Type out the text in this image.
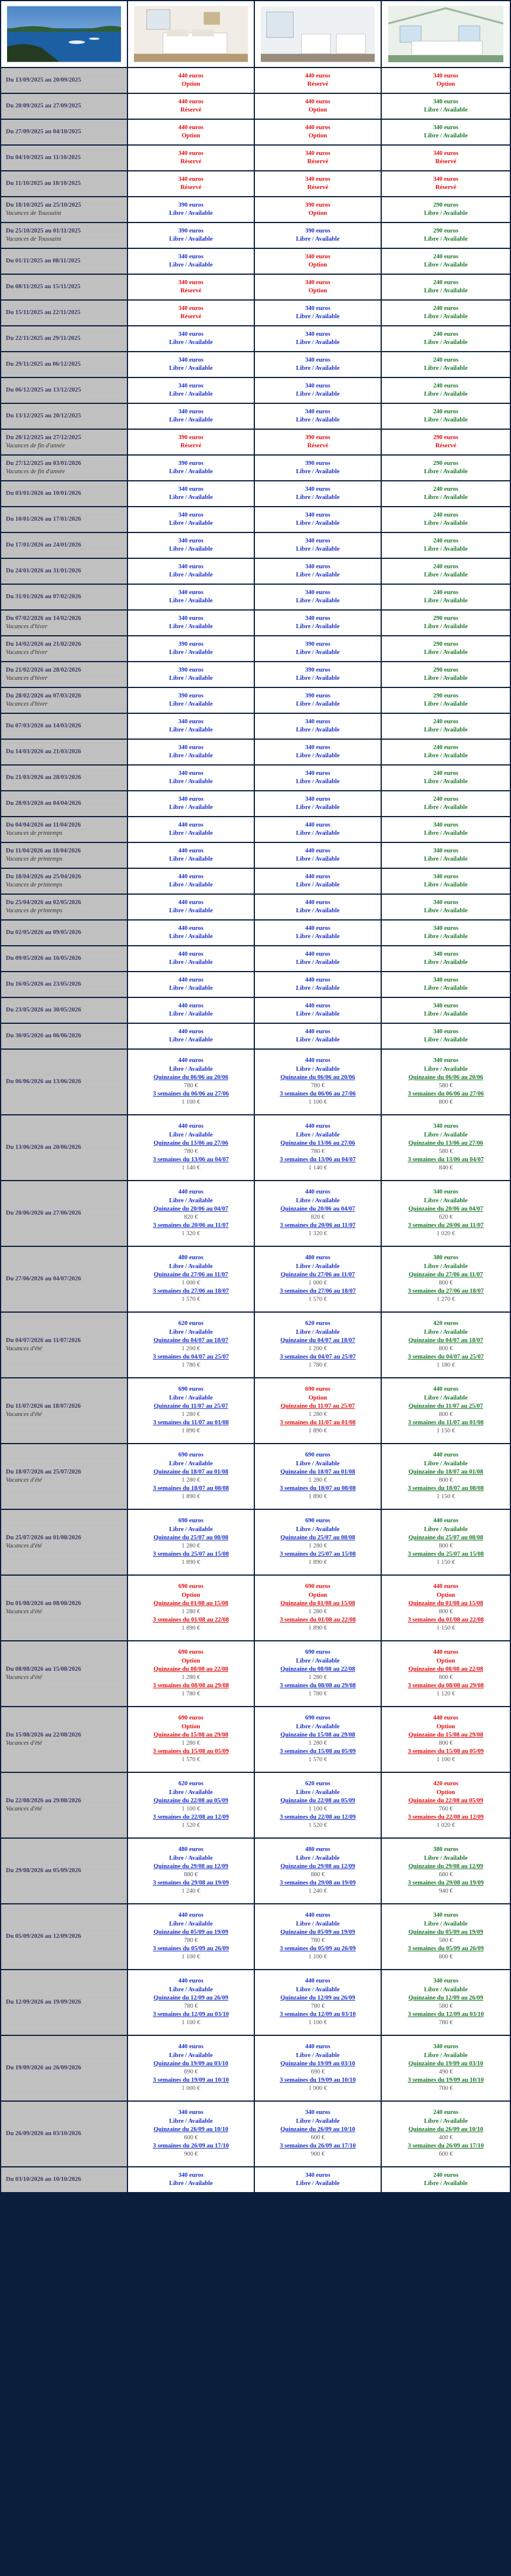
Du 13/09/2025 au 20/09/2025
440 euros
Option
440 euros
Réservé
340 euros
Option
Du 20/09/2025 au 27/09/2025
440 euros
Réservé
440 euros
Option
340 euros
Libre / Available
Du 27/09/2025 au 04/10/2025
440 euros
Option
440 euros
Option
340 euros
Libre / Available
Du 04/10/2025 au 11/10/2025
340 euros
Réservé
340 euros
Réservé
340 euros
Réservé
Du 11/10/2025 au 18/10/2025
340 euros
Réservé
340 euros
Réservé
340 euros
Réservé
Du 18/10/2025 au 25/10/2025
Vacances de Toussaint
390 euros
Libre / Available
390 euros
Option
290 euros
Libre / Available
Du 25/10/2025 au 01/11/2025
Vacances de Toussaint
390 euros
Libre / Available
390 euros
Libre / Available
290 euros
Libre / Available
Du 01/11/2025 au 08/11/2025
340 euros
Libre / Available
340 euros
Option
240 euros
Libre / Available
Du 08/11/2025 au 15/11/2025
340 euros
Réservé
340 euros
Option
240 euros
Libre / Available
Du 15/11/2025 au 22/11/2025
340 euros
Réservé
340 euros
Libre / Available
240 euros
Libre / Available
Du 22/11/2025 au 29/11/2025
340 euros
Libre / Available
340 euros
Libre / Available
240 euros
Libre / Available
Du 29/11/2025 au 06/12/2025
340 euros
Libre / Available
340 euros
Libre / Available
240 euros
Libre / Available
Du 06/12/2025 au 13/12/2025
340 euros
Libre / Available
340 euros
Libre / Available
240 euros
Libre / Available
Du 13/12/2025 au 20/12/2025
340 euros
Libre / Available
340 euros
Libre / Available
240 euros
Libre / Available
Du 20/12/2025 au 27/12/2025
Vacances de fin d'année
390 euros
Réservé
390 euros
Réservé
290 euros
Réservé
Du 27/12/2025 au 03/01/2026
Vacances de fin d'année
390 euros
Libre / Available
390 euros
Libre / Available
290 euros
Libre / Available
Du 03/01/2026 au 10/01/2026
340 euros
Libre / Available
340 euros
Libre / Available
240 euros
Libre / Available
Du 10/01/2026 au 17/01/2026
340 euros
Libre / Available
340 euros
Libre / Available
240 euros
Libre / Available
Du 17/01/2026 au 24/01/2026
340 euros
Libre / Available
340 euros
Libre / Available
240 euros
Libre / Available
Du 24/01/2026 au 31/01/2026
340 euros
Libre / Available
340 euros
Libre / Available
240 euros
Libre / Available
Du 31/01/2026 au 07/02/2026
340 euros
Libre / Available
340 euros
Libre / Available
240 euros
Libre / Available
Du 07/02/2026 au 14/02/2026
Vacances d'hiver
340 euros
Libre / Available
340 euros
Libre / Available
290 euros
Libre / Available
Du 14/02/2026 au 21/02/2026
Vacances d'hiver
390 euros
Libre / Available
390 euros
Libre / Available
290 euros
Libre / Available
Du 21/02/2026 au 28/02/2026
Vacances d'hiver
390 euros
Libre / Available
390 euros
Libre / Available
290 euros
Libre / Available
Du 28/02/2026 au 07/03/2026
Vacances d'hiver
390 euros
Libre / Available
390 euros
Libre / Available
290 euros
Libre / Available
Du 07/03/2026 au 14/03/2026
340 euros
Libre / Available
340 euros
Libre / Available
240 euros
Libre / Available
Du 14/03/2026 au 21/03/2026
340 euros
Libre / Available
340 euros
Libre / Available
240 euros
Libre / Available
Du 21/03/2026 au 28/03/2026
340 euros
Libre / Available
340 euros
Libre / Available
240 euros
Libre / Available
Du 28/03/2026 au 04/04/2026
340 euros
Libre / Available
340 euros
Libre / Available
240 euros
Libre / Available
Du 04/04/2026 au 11/04/2026
Vacances de printemps
440 euros
Libre / Available
440 euros
Libre / Available
340 euros
Libre / Available
Du 11/04/2026 au 18/04/2026
Vacances de printemps
440 euros
Libre / Available
440 euros
Libre / Available
340 euros
Libre / Available
Du 18/04/2026 au 25/04/2026
Vacances de printemps
440 euros
Libre / Available
440 euros
Libre / Available
340 euros
Libre / Available
Du 25/04/2026 au 02/05/2026
Vacances de printemps
440 euros
Libre / Available
440 euros
Libre / Available
340 euros
Libre / Available
Du 02/05/2026 au 09/05/2026
440 euros
Libre / Available
440 euros
Libre / Available
340 euros
Libre / Available
Du 09/05/2026 au 16/05/2026
440 euros
Libre / Available
440 euros
Libre / Available
340 euros
Libre / Available
Du 16/05/2026 au 23/05/2026
440 euros
Libre / Available
440 euros
Libre / Available
340 euros
Libre / Available
Du 23/05/2026 au 30/05/2026
440 euros
Libre / Available
440 euros
Libre / Available
340 euros
Libre / Available
Du 30/05/2026 au 06/06/2026
440 euros
Libre / Available
440 euros
Libre / Available
340 euros
Libre / Available
Du 06/06/2026 au 13/06/2026
440 euros
Libre / Available
Quinzaine du 06/06 au 20/06
780 €
3 semaines du 06/06 au 27/06
1 100 €
440 euros
Libre / Available
Quinzaine du 06/06 au 20/06
780 €
3 semaines du 06/06 au 27/06
1 100 €
340 euros
Libre / Available
Quinzaine du 06/06 au 20/06
580 €
3 semaines du 06/06 au 27/06
800 €
Du 13/06/2026 au 20/06/2026
440 euros
Libre / Available
Quinzaine du 13/06 au 27/06
780 €
3 semaines du 13/06 au 04/07
1 140 €
440 euros
Libre / Available
Quinzaine du 13/06 au 27/06
780 €
3 semaines du 13/06 au 04/07
1 140 €
340 euros
Libre / Available
Quinzaine du 13/06 au 27/06
580 €
3 semaines du 13/06 au 04/07
840 €
Du 20/06/2026 au 27/06/2026
440 euros
Libre / Available
Quinzaine du 20/06 au 04/07
820 €
3 semaines du 20/06 au 11/07
1 320 €
440 euros
Libre / Available
Quinzaine du 20/06 au 04/07
820 €
3 semaines du 20/06 au 11/07
1 320 €
340 euros
Libre / Available
Quinzaine du 20/06 au 04/07
620 €
3 semaines du 20/06 au 11/07
1 020 €
Du 27/06/2026 au 04/07/2026
480 euros
Libre / Available
Quinzaine du 27/06 au 11/07
1 000 €
3 semaines du 27/06 au 18/07
1 570 €
480 euros
Libre / Available
Quinzaine du 27/06 au 11/07
1 000 €
3 semaines du 27/06 au 18/07
1 570 €
380 euros
Libre / Available
Quinzaine du 27/06 au 11/07
800 €
3 semaines du 27/06 au 18/07
1 270 €
Du 04/07/2026 au 11/07/2026
Vacances d'été
620 euros
Libre / Available
Quinzaine du 04/07 au 18/07
1 200 €
3 semaines du 04/07 au 25/07
1 780 €
620 euros
Libre / Available
Quinzaine du 04/07 au 18/07
1 200 €
3 semaines du 04/07 au 25/07
1 780 €
420 euros
Libre / Available
Quinzaine du 04/07 au 18/07
800 €
3 semaines du 04/07 au 25/07
1 180 €
Du 11/07/2026 au 18/07/2026
Vacances d'été
690 euros
Libre / Available
Quinzaine du 11/07 au 25/07
1 280 €
3 semaines du 11/07 au 01/08
1 890 €
690 euros
Option
Quinzaine du 11/07 au 25/07
1 280 €
3 semaines du 11/07 au 01/08
1 890 €
440 euros
Libre / Available
Quinzaine du 11/07 au 25/07
800 €
3 semaines du 11/07 au 01/08
1 150 €
Du 18/07/2026 au 25/07/2026
Vacances d'été
690 euros
Libre / Available
Quinzaine du 18/07 au 01/08
1 280 €
3 semaines du 18/07 au 08/08
1 890 €
690 euros
Libre / Available
Quinzaine du 18/07 au 01/08
1 280 €
3 semaines du 18/07 au 08/08
1 890 €
440 euros
Libre / Available
Quinzaine du 18/07 au 01/08
800 €
3 semaines du 18/07 au 08/08
1 150 €
Du 25/07/2026 au 01/08/2026
Vacances d'été
690 euros
Libre / Available
Quinzaine du 25/07 au 08/08
1 280 €
3 semaines du 25/07 au 15/08
1 890 €
690 euros
Libre / Available
Quinzaine du 25/07 au 08/08
1 280 €
3 semaines du 25/07 au 15/08
1 890 €
440 euros
Libre / Available
Quinzaine du 25/07 au 08/08
800 €
3 semaines du 25/07 au 15/08
1 150 €
Du 01/08/2026 au 08/08/2026
Vacances d'été
690 euros
Option
Quinzaine du 01/08 au 15/08
1 280 €
3 semaines du 01/08 au 22/08
1 890 €
690 euros
Option
Quinzaine du 01/08 au 15/08
1 280 €
3 semaines du 01/08 au 22/08
1 890 €
440 euros
Option
Quinzaine du 01/08 au 15/08
800 €
3 semaines du 01/08 au 22/08
1 150 €
Du 08/08/2026 au 15/08/2026
Vacances d'été
690 euros
Option
Quinzaine du 08/08 au 22/08
1 280 €
3 semaines du 08/08 au 29/08
1 780 €
690 euros
Libre / Available
Quinzaine du 08/08 au 22/08
1 280 €
3 semaines du 08/08 au 29/08
1 780 €
440 euros
Option
Quinzaine du 08/08 au 22/08
800 €
3 semaines du 08/08 au 29/08
1 120 €
Du 15/08/2026 au 22/08/2026
Vacances d'été
690 euros
Option
Quinzaine du 15/08 au 29/08
1 280 €
3 semaines du 15/08 au 05/09
1 570 €
690 euros
Libre / Available
Quinzaine du 15/08 au 29/08
1 280 €
3 semaines du 15/08 au 05/09
1 570 €
440 euros
Option
Quinzaine du 15/08 au 29/08
800 €
3 semaines du 15/08 au 05/09
1 100 €
Du 22/08/2026 au 29/08/2026
Vacances d'été
620 euros
Libre / Available
Quinzaine du 22/08 au 05/09
1 100 €
3 semaines du 22/08 au 12/09
1 520 €
620 euros
Libre / Available
Quinzaine du 22/08 au 05/09
1 100 €
3 semaines du 22/08 au 12/09
1 520 €
420 euros
Option
Quinzaine du 22/08 au 05/09
760 €
3 semaines du 22/08 au 12/09
1 020 €
Du 29/08/2026 au 05/09/2026
480 euros
Libre / Available
Quinzaine du 29/08 au 12/09
880 €
3 semaines du 29/08 au 19/09
1 240 €
480 euros
Libre / Available
Quinzaine du 29/08 au 12/09
880 €
3 semaines du 29/08 au 19/09
1 240 €
380 euros
Libre / Available
Quinzaine du 29/08 au 12/09
680 €
3 semaines du 29/08 au 19/09
940 €
Du 05/09/2026 au 12/09/2026
440 euros
Libre / Available
Quinzaine du 05/09 au 19/09
780 €
3 semaines du 05/09 au 26/09
1 100 €
440 euros
Libre / Available
Quinzaine du 05/09 au 19/09
780 €
3 semaines du 05/09 au 26/09
1 100 €
340 euros
Libre / Available
Quinzaine du 05/09 au 19/09
580 €
3 semaines du 05/09 au 26/09
800 €
Du 12/09/2026 au 19/09/2026
440 euros
Libre / Available
Quinzaine du 12/09 au 26/09
780 €
3 semaines du 12/09 au 03/10
1 100 €
440 euros
Libre / Available
Quinzaine du 12/09 au 26/09
780 €
3 semaines du 12/09 au 03/10
1 100 €
340 euros
Libre / Available
Quinzaine du 12/09 au 26/09
580 €
3 semaines du 12/09 au 03/10
780 €
Du 19/09/2026 au 26/09/2026
440 euros
Libre / Available
Quinzaine du 19/09 au 03/10
690 €
3 semaines du 19/09 au 10/10
1 000 €
440 euros
Libre / Available
Quinzaine du 19/09 au 03/10
690 €
3 semaines du 19/09 au 10/10
1 000 €
340 euros
Libre / Available
Quinzaine du 19/09 au 03/10
490 €
3 semaines du 19/09 au 10/10
700 €
Du 26/09/2026 au 03/10/2026
340 euros
Libre / Available
Quinzaine du 26/09 au 10/10
600 €
3 semaines du 26/09 au 17/10
900 €
340 euros
Libre / Available
Quinzaine du 26/09 au 10/10
600 €
3 semaines du 26/09 au 17/10
900 €
240 euros
Libre / Available
Quinzaine du 26/09 au 10/10
400 €
3 semaines du 26/09 au 17/10
600 €
Du 03/10/2026 au 10/10/2026
340 euros
Libre / Available
340 euros
Libre / Available
240 euros
Libre / Available
